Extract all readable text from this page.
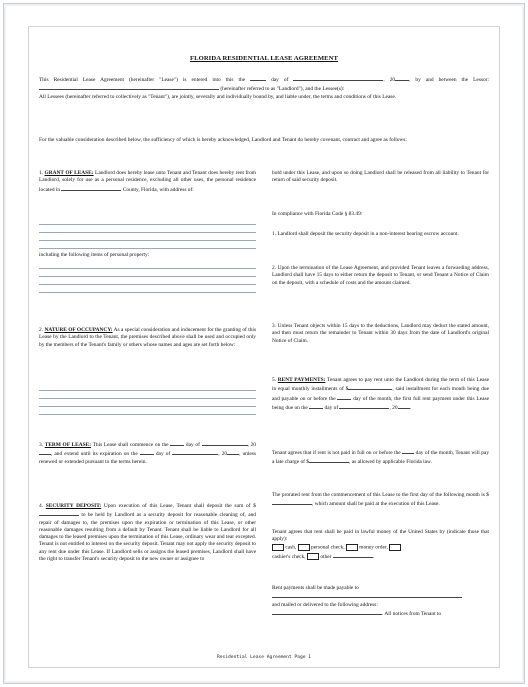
FLORIDA RESIDENTIAL LEASE AGREEMENT
This Residential Lease Agreement (hereinafter "Lease") is entered into this the	day of	, 20	, by and between the Lessor:  (hereinafter referred to as "Landlord"), and the Lessee(s):
All Lessees (hereinafter referred to collectively as "Tenant"), are jointly, severally and individually bound by, and liable under, the terms and conditions of this Lease.
For the valuable consideration described below, the sufficiency of which is hereby acknowledged, Landlord and Tenant do hereby covenant, contract and agree as follows:
1. GRANT OF LEASE: Landlord does hereby lease unto Tenant and Tenant does hereby rent from Landlord, solely for use as a personal residence, excluding all other uses, the personal residence located in	County, Florida, with address of:
including the following items of personal property:
2. NATURE OF OCCUPANCY: As a special consideration and inducement for the granting of this Lease by the Landlord to the Tenant, the premises described above shall be used and occupied only by the members of the Tenant's family or others whose names and ages are set forth below:
3. TERM OF LEASE: This Lease shall commence on the	day of	, 20, and extend until its expiration on the	day of	, 20 , unless renewed or extended pursuant to the terms herein.
4. SECURITY DEPOSIT: Upon execution of this Lease, Tenant shall deposit the sum of $ to be held by Landlord as a security deposit for reasonable cleaning of, and repair of damages to, the premises upon the expiration or termination of this Lease, or other reasonable damages resulting from a default by Tenant. Tenant shall be liable to Landlord for all damages to the leased premises upon the termination of this Lease, ordinary wear and tear excepted. Tenant is not entitled to interest on the security deposit. Tenant may not apply the security deposit to any rent due under this Lease. If Landlord sells or assigns the leased premises, Landlord shall have the right to transfer Tenant's security deposit to the new owner or assignee to
hold under this Lease, and upon so doing Landlord shall be released from all liability to Tenant for return of said security deposit.
In compliance with Florida Code § 83.49:
1. Landlord shall deposit the security deposit in a non-interest bearing escrow account.
2. Upon the termination of the Lease Agreement, and provided Tenant leaves a forwarding address, Landlord shall have 15 days to either return the deposit to Tenant, or send Tenant a Notice of Claim on the deposit, with a schedule of costs and the amount claimed.
3. Unless Tenant objects within 15 days to the deductions, Landlord may deduct the stated amount, and then must return the remainder to Tenant within 30 days from the date of Landlord's original Notice of Claim.
5. RENT PAYMENTS: Tenant agrees to pay rent unto the Landlord during the term of this Lease in equal monthly installments of $	, said installment for each month being due and payable on or before the	day of the month, the first full rent payment under this Lease being due on the	day of	, 20 .
Tenant agrees that if rent is not paid in full on or before the	day of the month, Tenant will pay a late charge of $	, as allowed by applicable Florida law.
The prorated rent from the commencement of this Lease to the first day of the following month is $, which amount shall be paid at the execution of this Lease.
Tenant agrees that rent shall be paid in lawful money of the United States by (indicate those that apply):
cash,	personal check,	money order,
cashier's check,	other	.
Rent payments shall be made payable to

and mailed or delivered to the following address:
. All notices from Tenant to
Residential Lease Agreement Page 1
